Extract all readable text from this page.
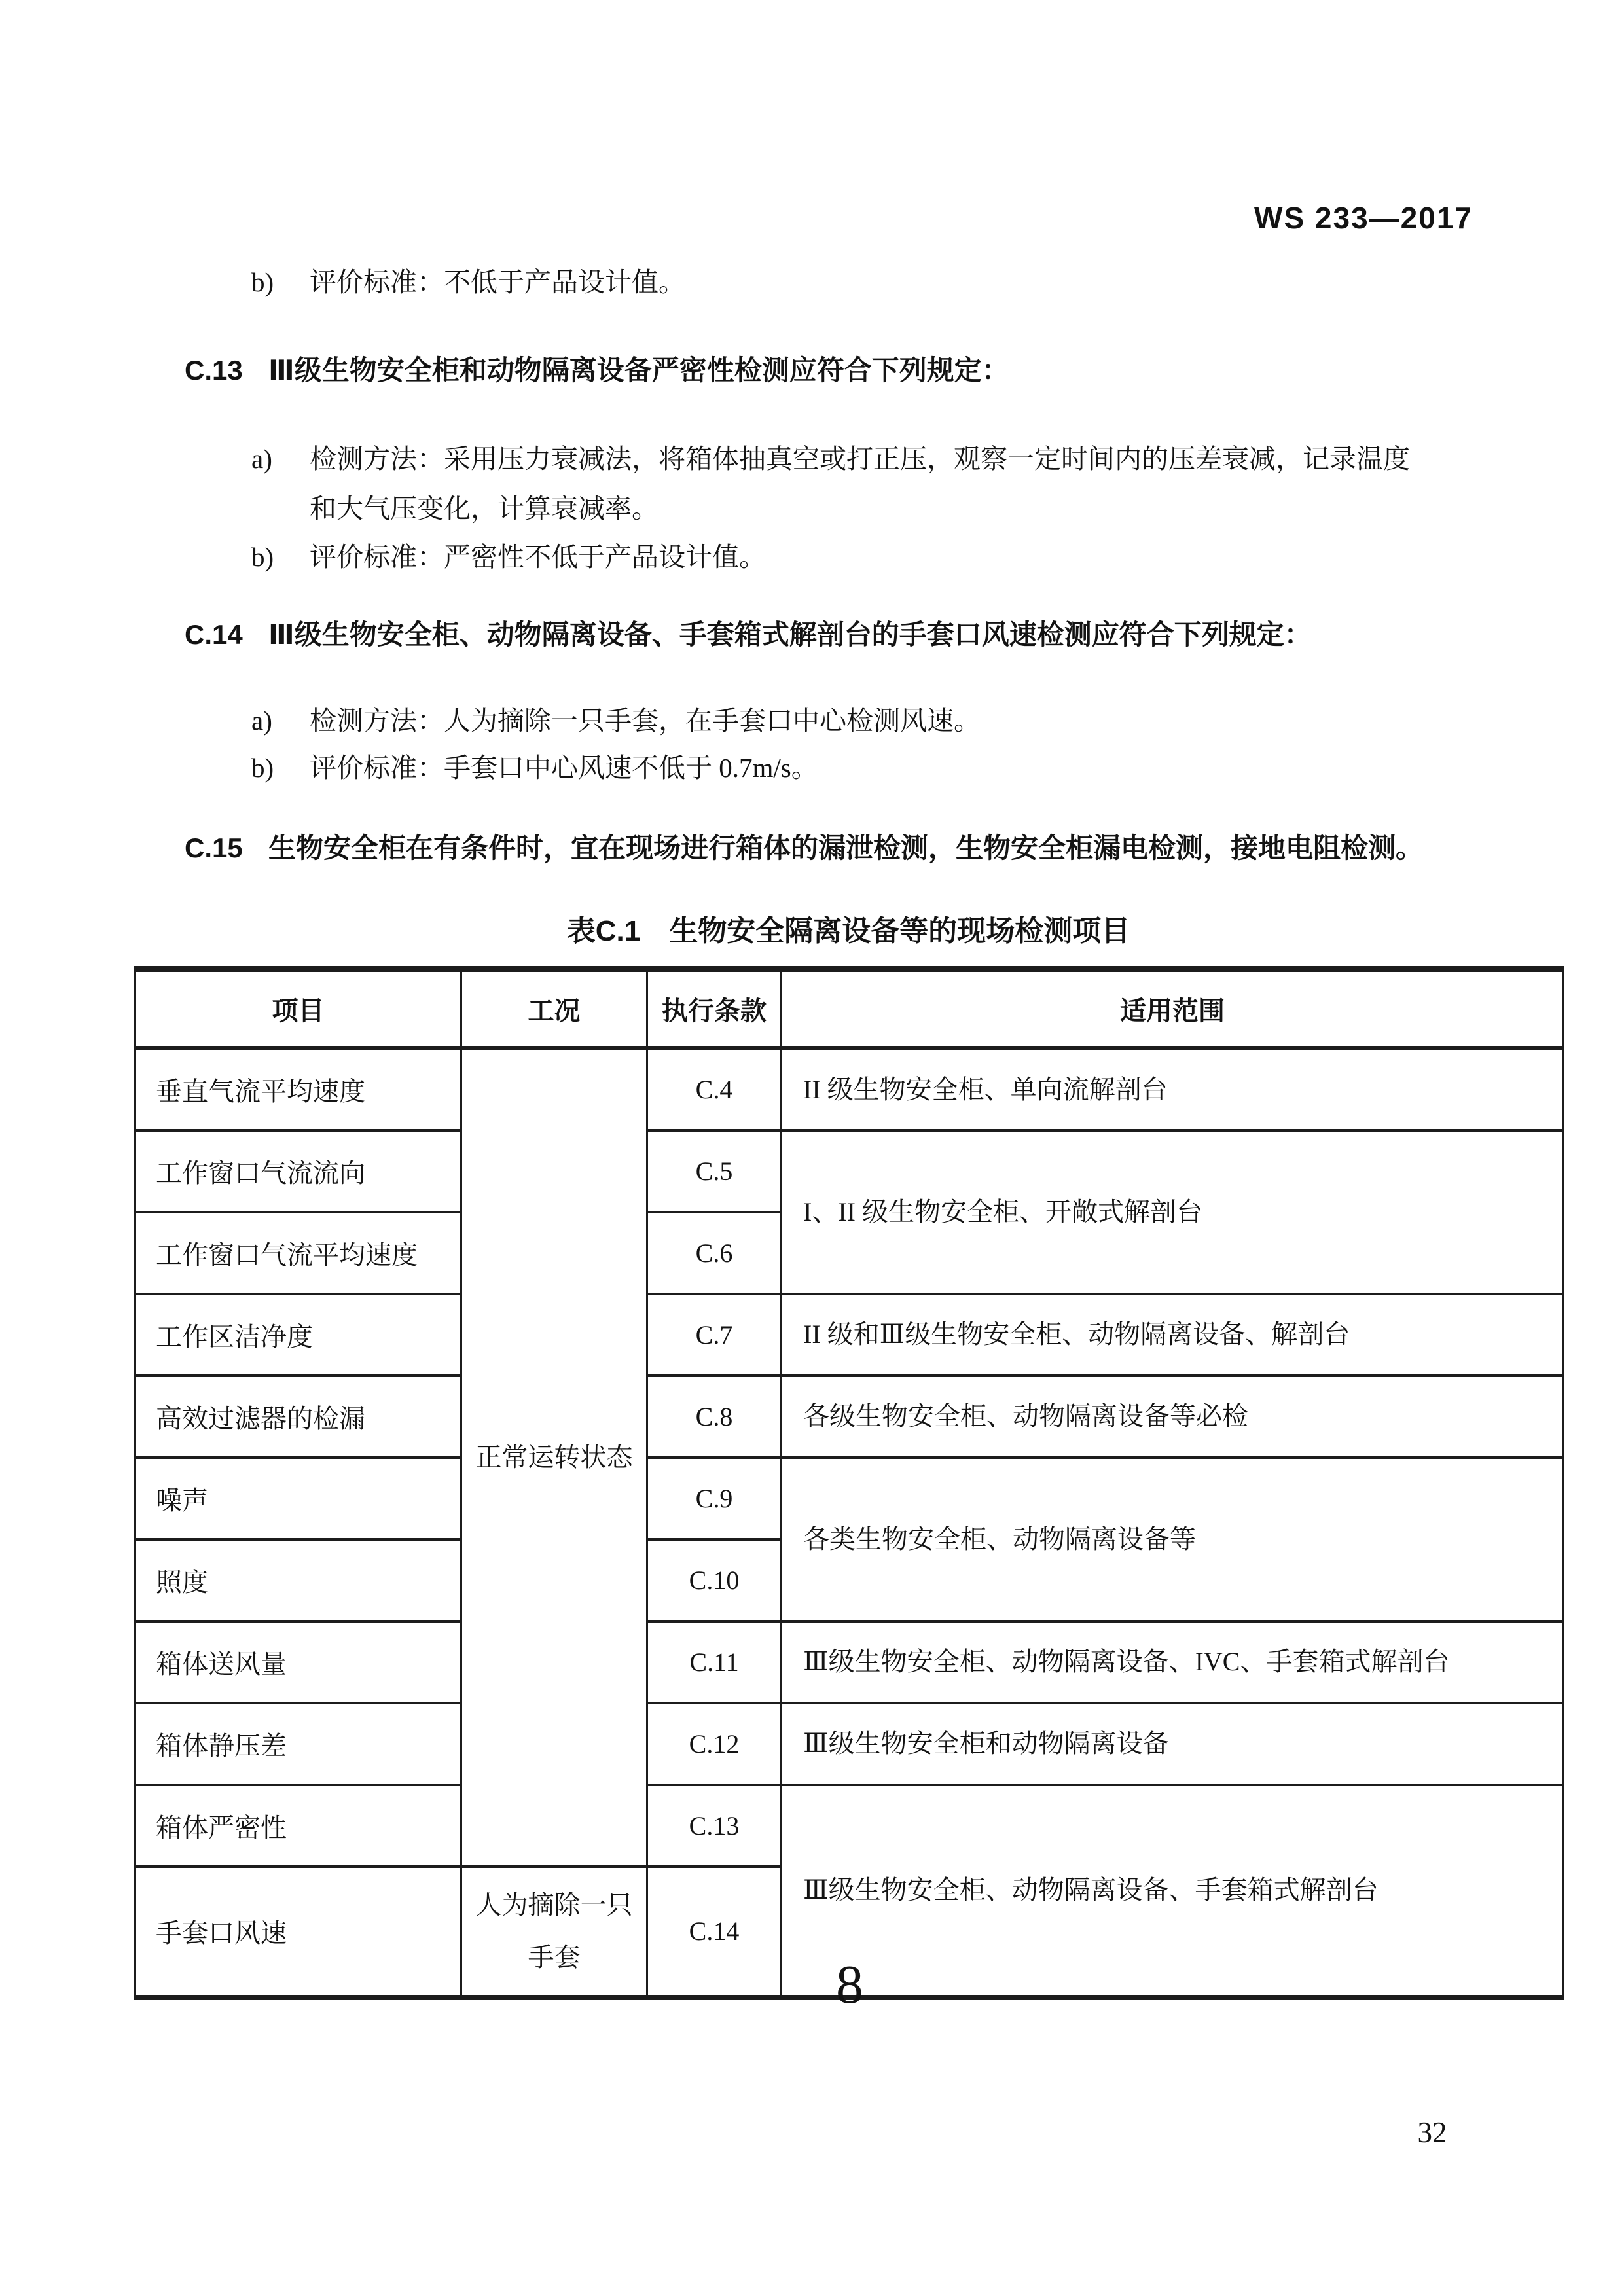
WS 233—2017
b) 评价标准：不低于产品设计值。
C.13 Ⅲ级生物安全柜和动物隔离设备严密性检测应符合下列规定：
a) 检测方法：采用压力衰减法，将箱体抽真空或打正压，观察一定时间内的压差衰减，记录温度
和大气压变化，计算衰减率。
b) 评价标准：严密性不低于产品设计值。
C.14 Ⅲ级生物安全柜、动物隔离设备、手套箱式解剖台的手套口风速检测应符合下列规定：
a) 检测方法：人为摘除一只手套，在手套口中心检测风速。
b) 评价标准：手套口中心风速不低于 0.7m/s。
C.15 生物安全柜在有条件时，宜在现场进行箱体的漏泄检测，生物安全柜漏电检测，接地电阻检测。
表C.1　生物安全隔离设备等的现场检测项目
项目	工况	执行条款	适用范围
垂直气流平均速度	正常运转状态	C.4	II 级生物安全柜、单向流解剖台
工作窗口气流流向		C.5	I、II 级生物安全柜、开敞式解剖台
工作窗口气流平均速度		C.6	
工作区洁净度		C.7	II 级和Ⅲ级生物安全柜、动物隔离设备、解剖台
高效过滤器的检漏		C.8	各级生物安全柜、动物隔离设备等必检
噪声		C.9	各类生物安全柜、动物隔离设备等
照度		C.10	
箱体送风量		C.11	Ⅲ级生物安全柜、动物隔离设备、IVC、手套箱式解剖台
箱体静压差		C.12	Ⅲ级生物安全柜和动物隔离设备
箱体严密性		C.13	Ⅲ级生物安全柜、动物隔离设备、手套箱式解剖台
手套口风速	人为摘除一只手套	C.14	
8
32
